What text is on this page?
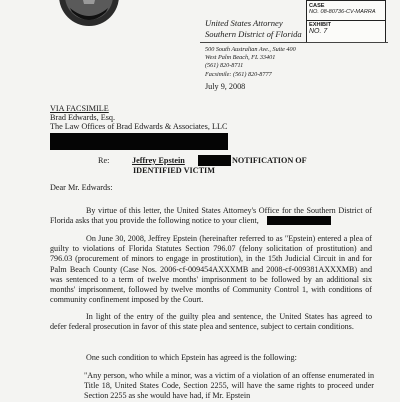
United States Attorney
Southern District of Florida
CASE
NO. 08-80736-CV-MARRA
EXHIBIT
NO. 7
500 South Australian Ave., Suite 400
West Palm Beach, FL 33401
(561) 820-8711
Facsimile: (561) 820-8777
July 9, 2008
VIA FACSIMILE
Brad Edwards, Esq.
The Law Offices of Brad Edwards & Associates, LLC
Re:	Jeffrey Epstein	NOTIFICATION OF
IDENTIFIED VICTIM
Dear Mr. Edwards:

By virtue of this letter, the United States Attorney's Office for the Southern District of Florida asks that you provide the following notice to your client,

On June 30, 2008, Jeffrey Epstein (hereinafter referred to as "Epstein) entered a plea of guilty to violations of Florida Statutes Section 796.07 (felony solicitation of prostitution) and 796.03 (procurement of minors to engage in prostitution), in the 15th Judicial Circuit in and for Palm Beach County (Case Nos. 2006-cf-009454AXXXMB and 2008-cf-009381AXXXMB) and was sentenced to a term of twelve months' imprisonment to be followed by an additional six months' imprisonment, followed by twelve months of Community Control 1, with conditions of community confinement imposed by the Court.

In light of the entry of the guilty plea and sentence, the United States has agreed to defer federal prosecution in favor of this state plea and sentence, subject to certain conditions.

One such condition to which Epstein has agreed is the following:

"Any person, who while a minor, was a victim of a violation of an offense enumerated in Title 18, United States Code, Section 2255, will have the same rights to proceed under Section 2255 as she would have had, if Mr. Epstein
